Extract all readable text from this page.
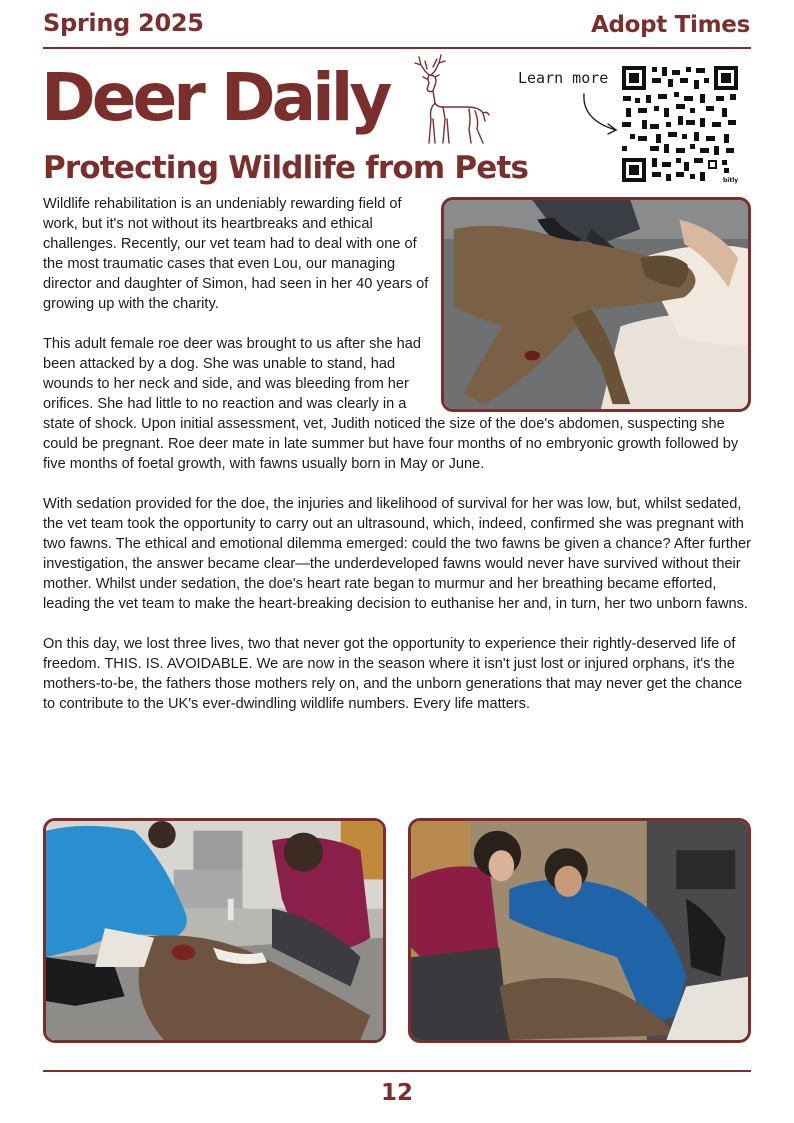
Spring 2025	Adopt Times
Deer Daily	Learn more
bitly
Protecting Wildlife from Pets

Wildlife rehabilitation is an undeniably rewarding field of work, but it's not without its heartbreaks and ethical challenges. Recently, our vet team had to deal with one of the most traumatic cases that even Lou, our managing director and daughter of Simon, had seen in her 40 years of growing up with the charity.

This adult female roe deer was brought to us after she had been attacked by a dog. She was unable to stand, had wounds to her neck and side, and was bleeding from her orifices. She had little to no reaction and was clearly in a state of shock. Upon initial assessment, vet, Judith noticed the size of the doe's abdomen, suspecting she could be pregnant. Roe deer mate in late summer but have four months of no embryonic growth followed by five months of foetal growth, with fawns usually born in May or June.

With sedation provided for the doe, the injuries and likelihood of survival for her was low, but, whilst sedated, the vet team took the opportunity to carry out an ultrasound, which, indeed, confirmed she was pregnant with two fawns. The ethical and emotional dilemma emerged: could the two fawns be given a chance? After further investigation, the answer became clear—the underdeveloped fawns would never have survived without their mother. Whilst under sedation, the doe's heart rate began to murmur and her breathing became efforted, leading the vet team to make the heart-breaking decision to euthanise her and, in turn, her two unborn fawns.

On this day, we lost three lives, two that never got the opportunity to experience their rightly-deserved life of freedom. THIS. IS. AVOIDABLE. We are now in the season where it isn't just lost or injured orphans, it's the mothers-to-be, the fathers those mothers rely on, and the unborn generations that may never get the chance to contribute to the UK's ever-dwindling wildlife numbers. Every life matters.

12
